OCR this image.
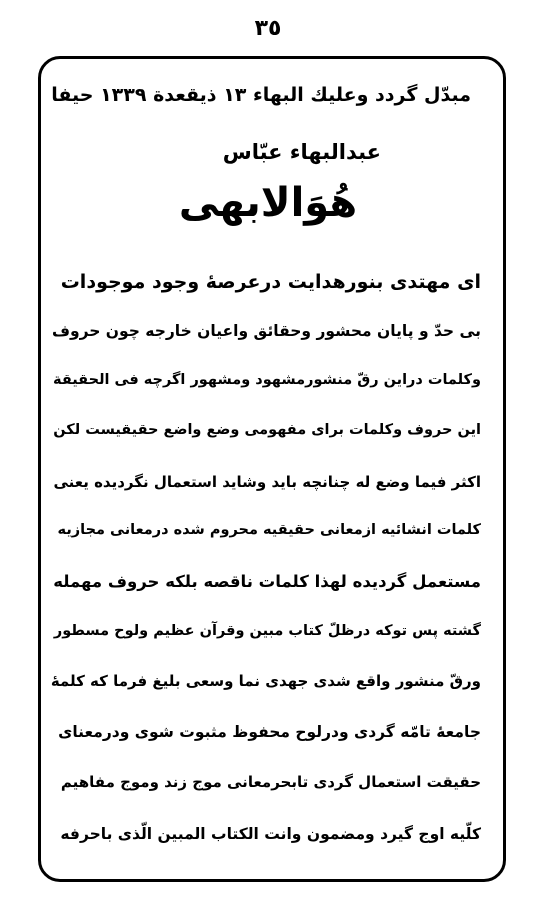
٣٥
مبدّل گردد وعليك البهاء ١٣ ذيقعدة ١٣٣٩ حيفا
عبدالبهاء عبّاس
هُوَالابهی
ای مهتدی بنورهدایت درعرصهٔ وجود موجودات
بی حدّ و پایان محشور وحقائق واعیان خارجه چون حروف
وکلمات دراین رقّ منشورمشهود ومشهور اگرچه فی الحقیقة
این حروف وکلمات برای مفهومی وضع واضع حقیقیست لکن
اکثر فیما وضع له چنانچه باید وشاید استعمال نگردیده یعنی
کلمات انشائیه ازمعانی حقیقیه محروم شده درمعانی مجازیه
مستعمل گردیده لهذا کلمات ناقصه بلکه حروف مهمله
گشته پس توکه درظلّ کتاب مبین وقرآن عظیم ولوح مسطور
ورقّ منشور واقع شدی جهدی نما وسعی بلیغ فرما که کلمهٔ
جامعهٔ تامّه گردی ودرلوح محفوظ مثبوت شوی ودرمعنای
حقیقت استعمال گردی تابحرمعانی موج زند وموج مفاهیم
کلّیه اوج گیرد ومضمون وانت الکتاب المبین الّذی باحرفه
